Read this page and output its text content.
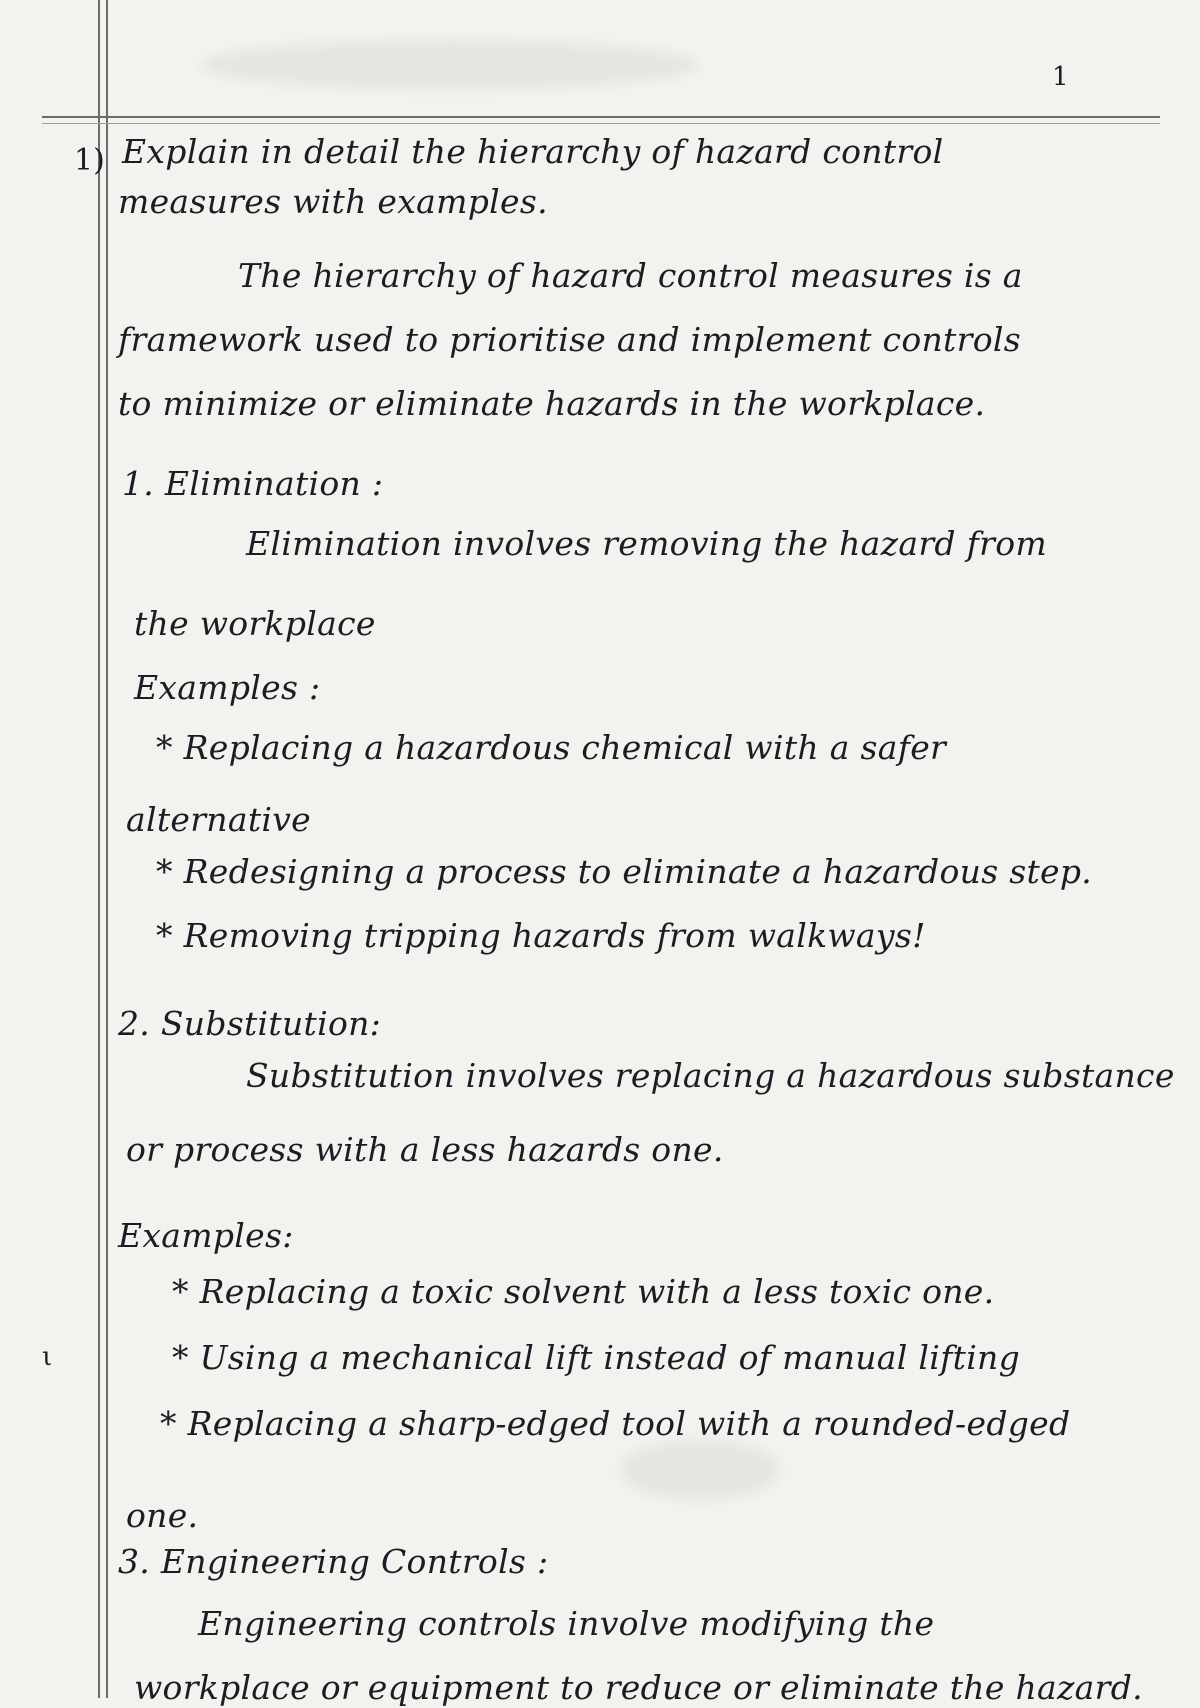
1
1)
ι
Explain in detail the hierarchy of hazard control
measures with examples.
The hierarchy of hazard control measures is a
framework used to prioritise and implement controls
to minimize or eliminate hazards in the workplace.
1. Elimination :
Elimination involves removing the hazard from
the workplace
Examples :
* Replacing a hazardous chemical with a safer
alternative
* Redesigning a process to eliminate a hazardous step.
* Removing tripping hazards from walkways!
2. Substitution:
Substitution involves replacing a hazardous substance
or process with a less hazards one.
Examples:
* Replacing a toxic solvent with a less toxic one.
* Using a mechanical lift instead of manual lifting
* Replacing a sharp-edged tool with a rounded-edged
one.
3. Engineering Controls :
Engineering controls involve modifying the
workplace or equipment to reduce or eliminate the hazard.
